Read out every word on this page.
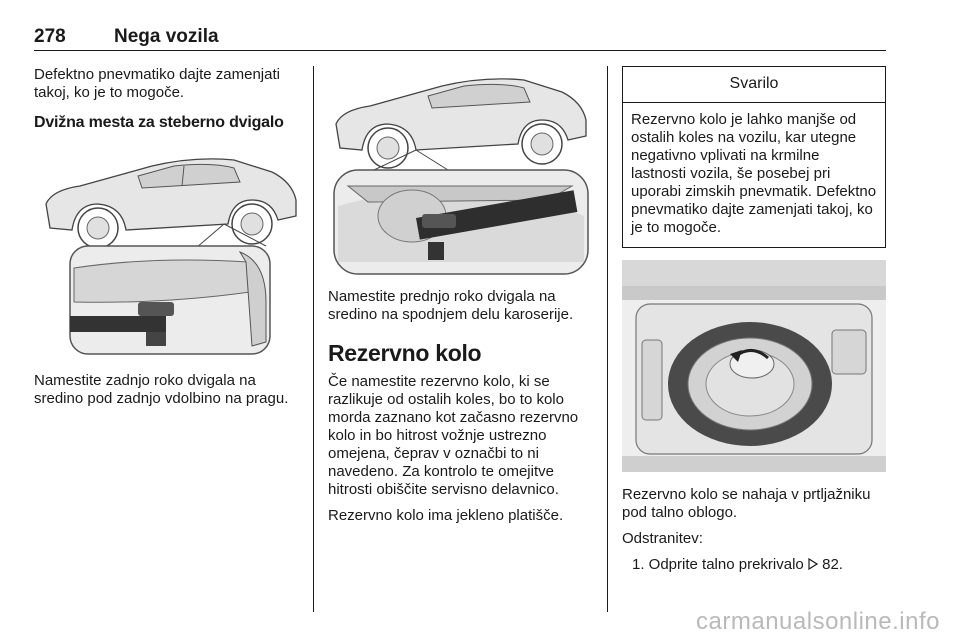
278	Nega vozila

Defektno pnevmatiko dajte zamenjati takoj, ko je to mogoče.

Dvižna mesta za steberno dvigalo

Namestite zadnjo roko dvigala na sredino pod zadnjo vdolbino na pragu.

Namestite prednjo roko dvigala na sredino na spodnjem delu karoserije.

Rezervno kolo

Če namestite rezervno kolo, ki se razlikuje od ostalih koles, bo to kolo morda zaznano kot začasno rezervno kolo in bo hitrost vožnje ustrezno omejena, čeprav v označbi to ni navedeno. Za kontrolo te omejitve hitrosti obiščite servisno delavnico.

Rezervno kolo ima jekleno platišče.

Svarilo
Rezervno kolo je lahko manjše od ostalih koles na vozilu, kar utegne negativno vplivati na krmilne lastnosti vozila, še posebej pri uporabi zimskih pnevmatik. Defektno pnevmatiko dajte zamenjati takoj, ko je to mogoče.

Rezervno kolo se nahaja v prtljažniku pod talno oblogo.

Odstranitev:

1. Odprite talno prekrivalo 82.
carmanualsonline.info
